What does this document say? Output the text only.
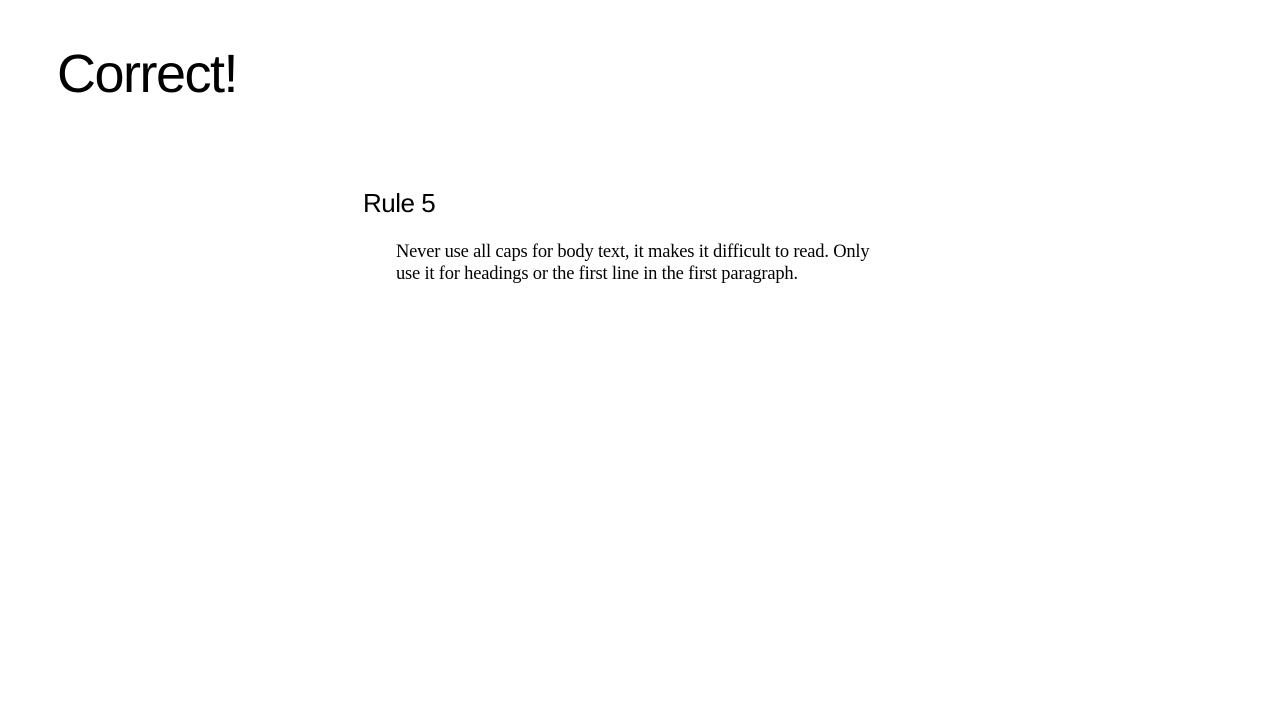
Correct!
Rule 5

Never use all caps for body text, it makes it difficult to read. Only use it for headings or the first line in the first paragraph.
